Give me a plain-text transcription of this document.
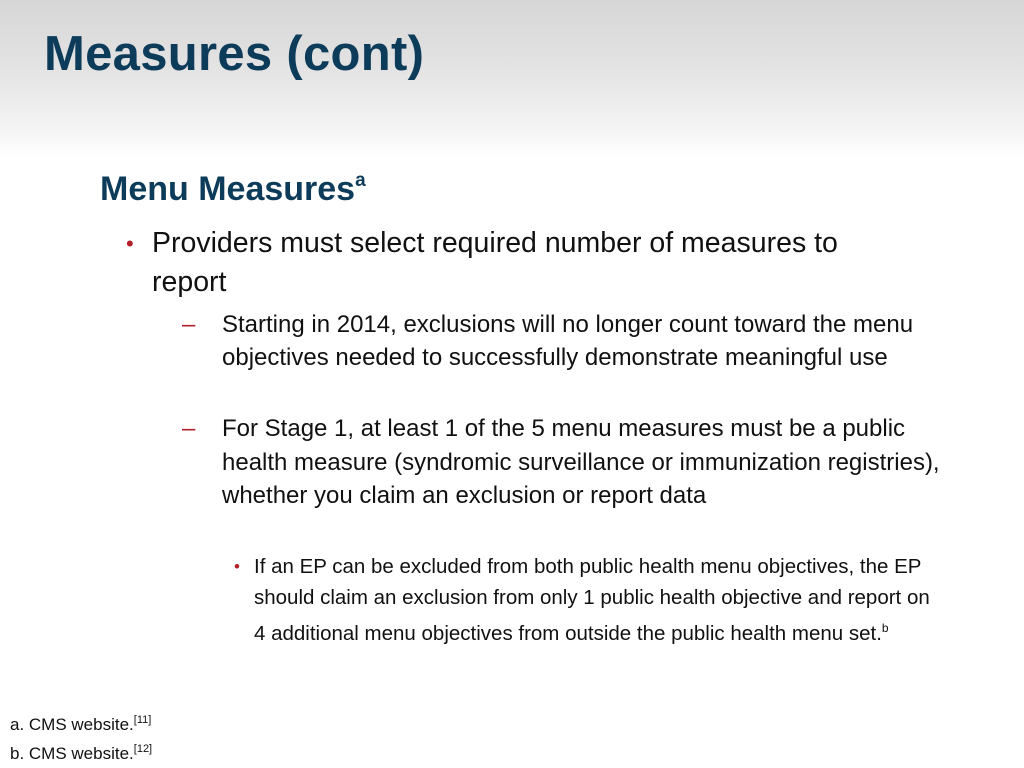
Measures (cont)
Menu Measures$^a$

• Providers must select required number of measures to report

– Starting in 2014, exclusions will no longer count toward the menu objectives needed to successfully demonstrate meaningful use

– For Stage 1, at least 1 of the 5 menu measures must be a public health measure (syndromic surveillance or immunization registries), whether you claim an exclusion or report data

• If an EP can be excluded from both public health menu objectives, the EP should claim an exclusion from only 1 public health objective and report on 4 additional menu objectives from outside the public health menu set.$^b$

a. CMS website.[11]
b. CMS website.[12]
